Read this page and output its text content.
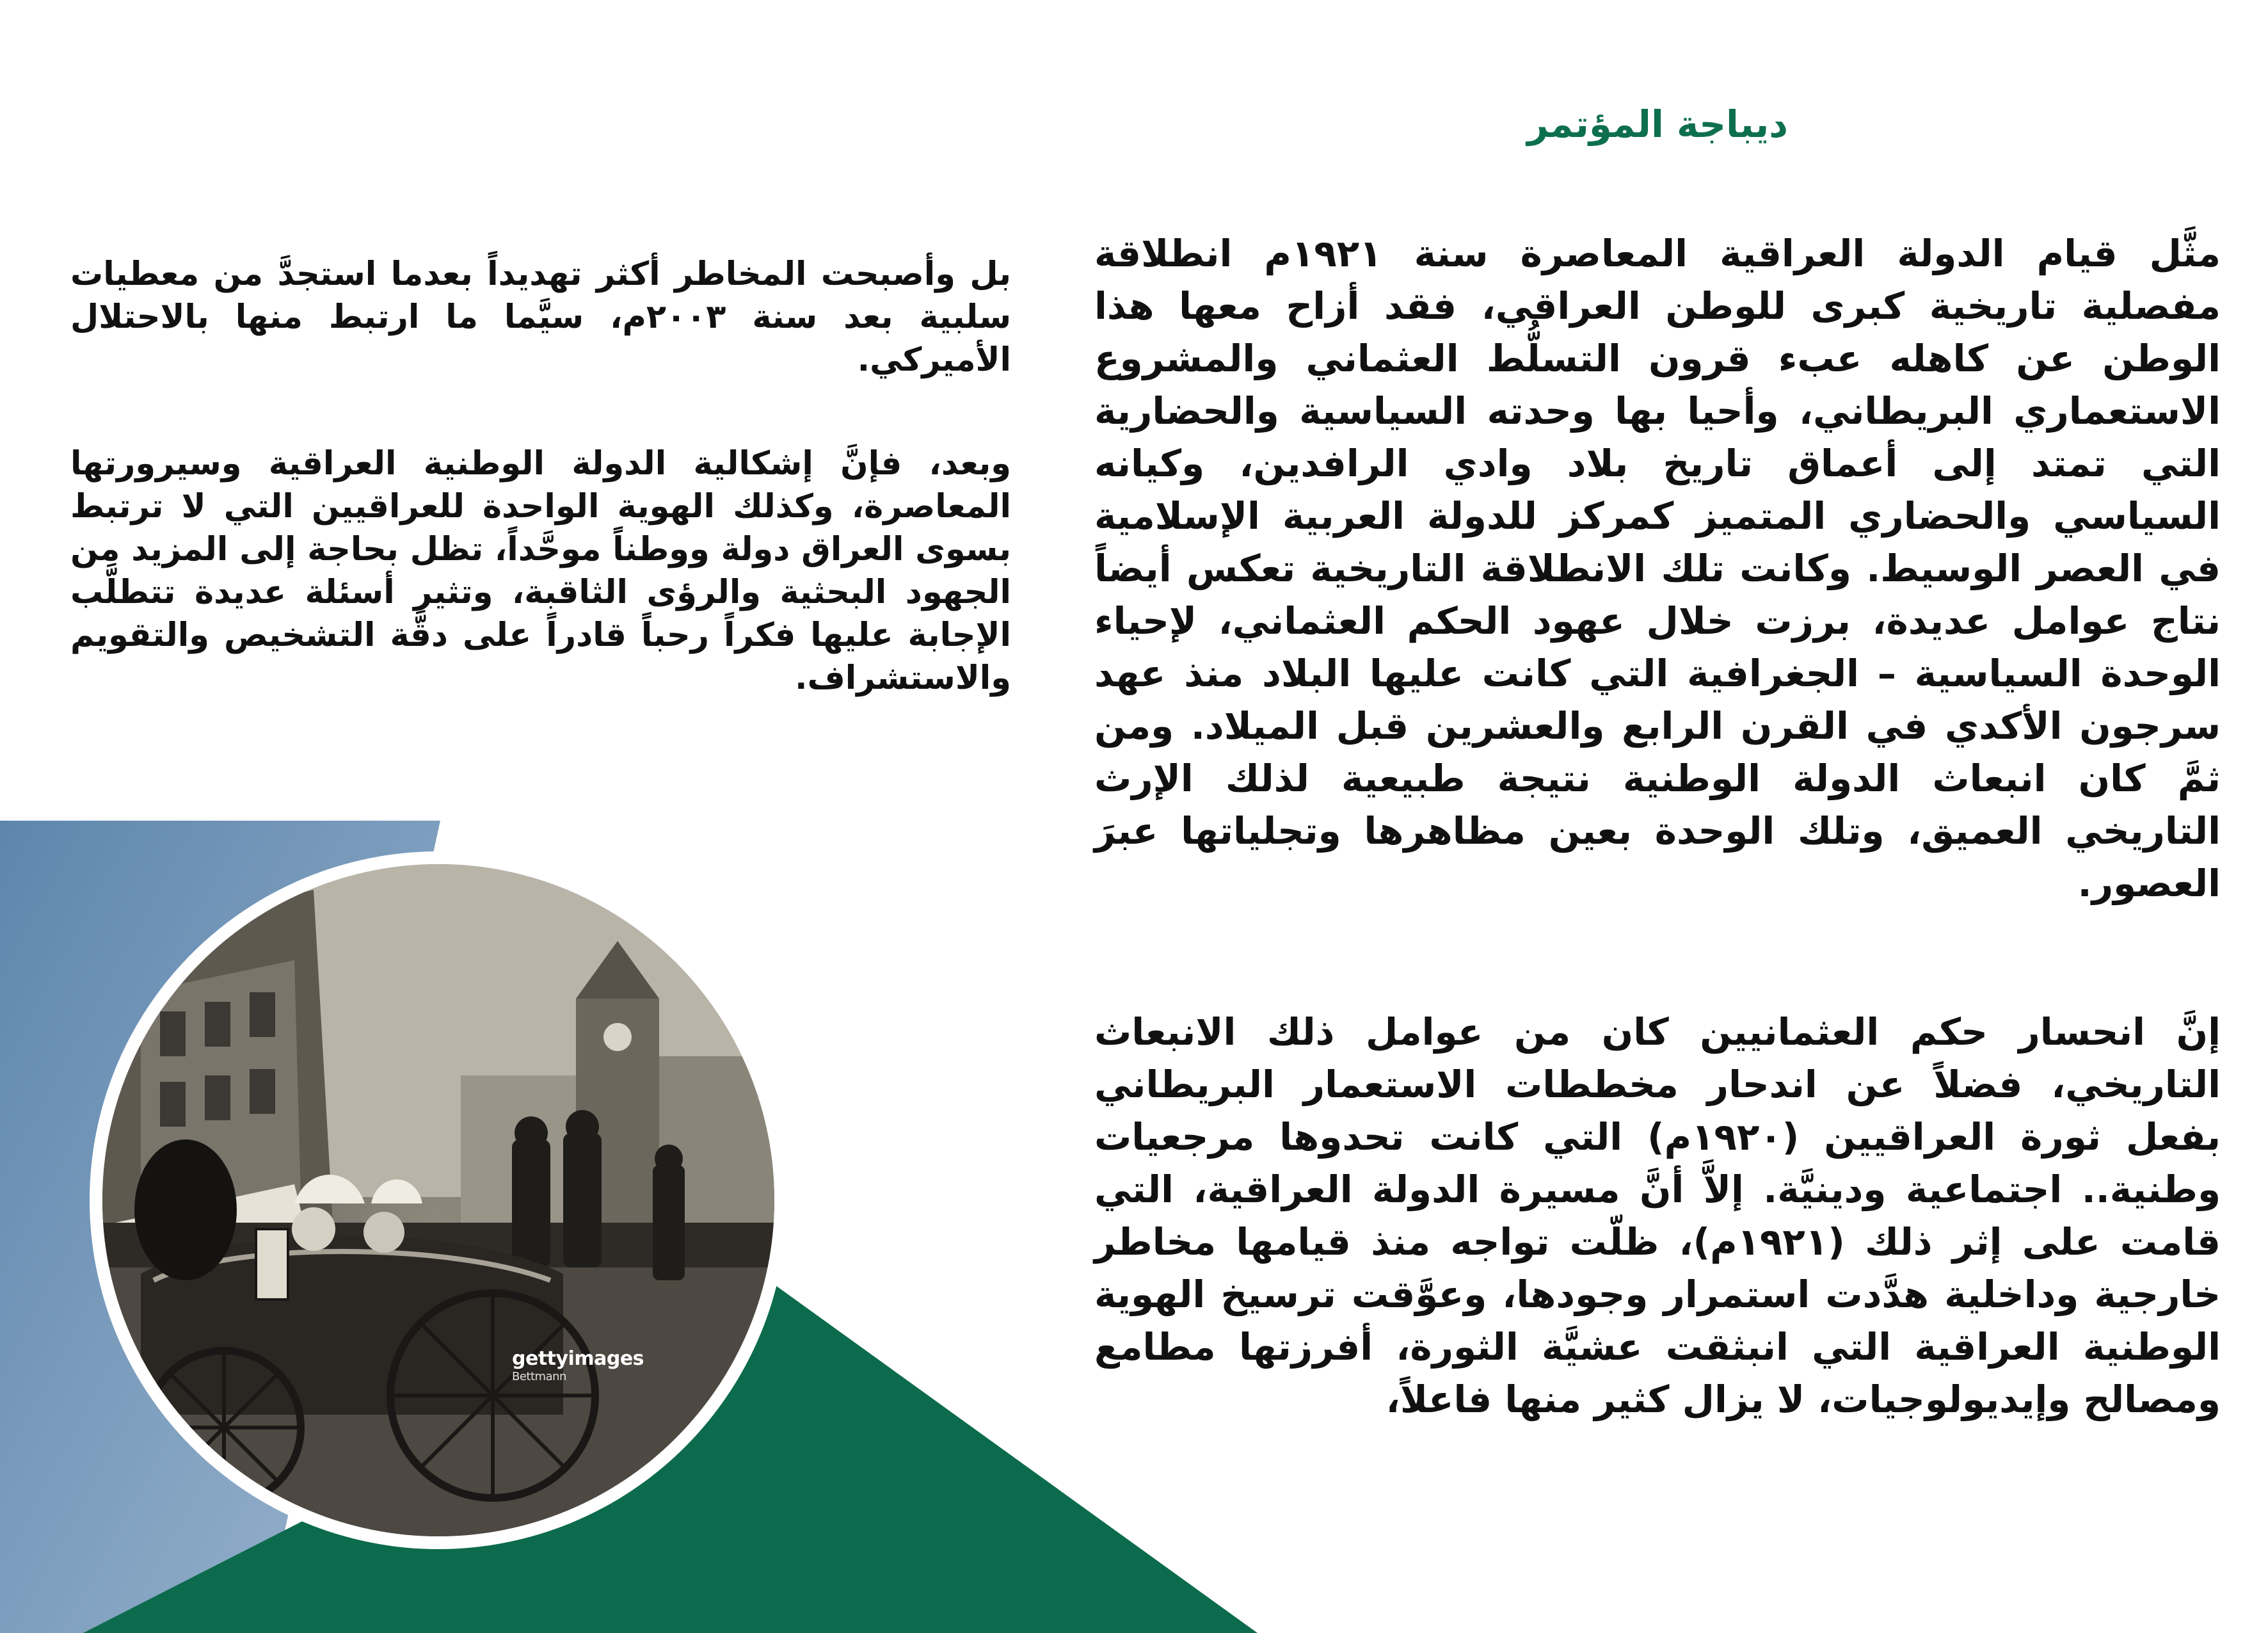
ديباجة المؤتمر

مثَّل قيام الدولة العراقية المعاصرة سنة ١٩٢١م انطلاقة مفصلية تاريخية كبرى للوطن العراقي، فقد أزاح معها هذا الوطن عن كاهله عبء قرون التسلُّط العثماني والمشروع الاستعماري البريطاني، وأحيا بها وحدته السياسية والحضارية التي تمتد إلى أعماق تاريخ بلاد وادي الرافدين، وكيانه السياسي والحضاري المتميز كمركز للدولة العربية الإسلامية في العصر الوسيط. وكانت تلك الانطلاقة التاريخية تعكس أيضاً نتاج عوامل عديدة، برزت خلال عهود الحكم العثماني، لإحياء الوحدة السياسية – الجغرافية التي كانت عليها البلاد منذ عهد سرجون الأكدي في القرن الرابع والعشرين قبل الميلاد. ومن ثمَّ كان انبعاث الدولة الوطنية نتيجة طبيعية لذلك الإرث التاريخي العميق، وتلك الوحدة بعين مظاهرها وتجلياتها عبرَ العصور.

إنَّ انحسار حكم العثمانيين كان من عوامل ذلك الانبعاث التاريخي، فضلاً عن اندحار مخططات الاستعمار البريطاني بفعل ثورة العراقيين (١٩٢٠م) التي كانت تحدوها مرجعيات وطنية.. اجتماعية ودينيَّة. إلاَّ أنَّ مسيرة الدولة العراقية، التي قامت على إثر ذلك (١٩٢١م)، ظلّت تواجه منذ قيامها مخاطر خارجية وداخلية هدَّدت استمرار وجودها، وعوَّقت ترسيخ الهوية الوطنية العراقية التي انبثقت عشيَّة الثورة، أفرزتها مطامع ومصالح وإيديولوجيات، لا يزال كثير منها فاعلاً،

بل وأصبحت المخاطر أكثر تهديداً بعدما استجدَّ من معطيات سلبية بعد سنة ٢٠٠٣م، سيَّما ما ارتبط منها بالاحتلال الأميركي.

وبعد، فإنَّ إشكالية الدولة الوطنية العراقية وسيرورتها المعاصرة، وكذلك الهوية الواحدة للعراقيين التي لا ترتبط بسوى العراق دولة ووطناً موحَّداً، تظل بحاجة إلى المزيد من الجهود البحثية والرؤى الثاقبة، وتثير أسئلة عديدة تتطلَّب الإجابة عليها فكراً رحباً قادراً على دقَّة التشخيص والتقويم والاستشراف.

gettyimages
Bettmann
